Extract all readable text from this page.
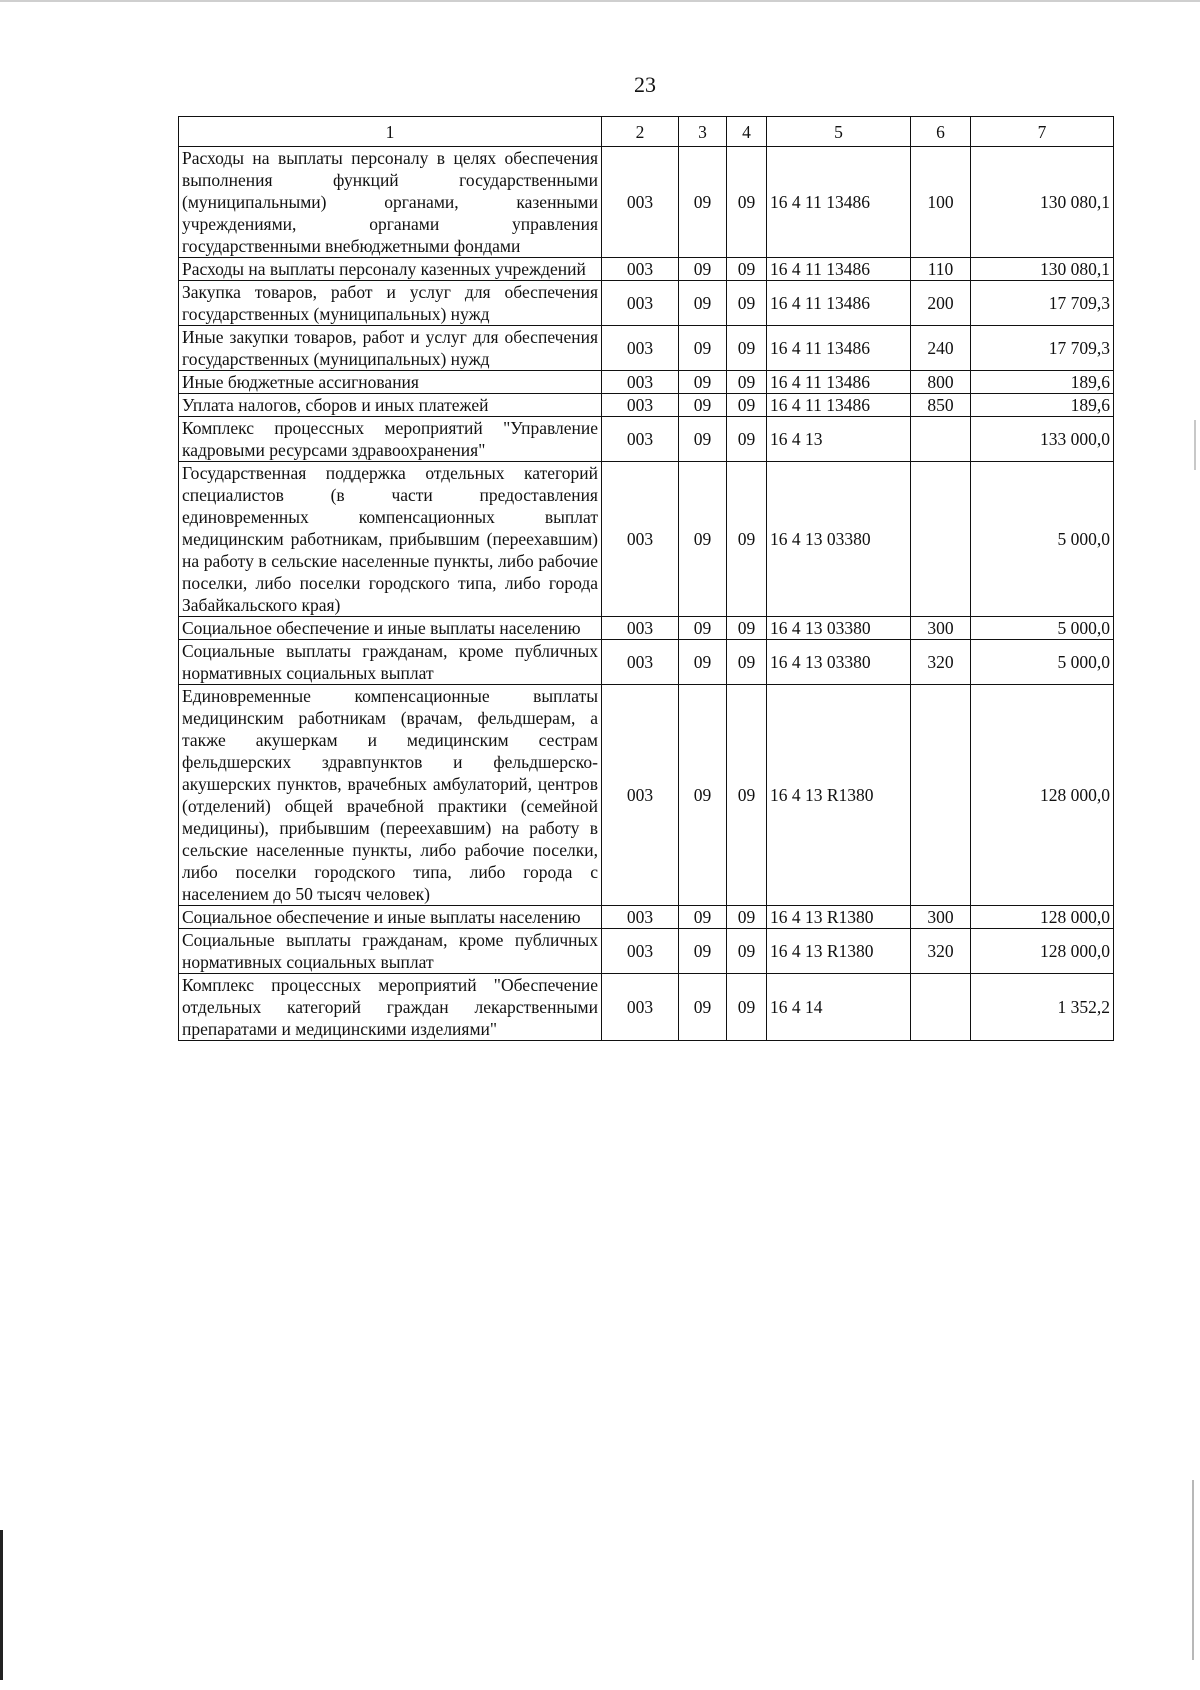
23
1	2	3	4	5	6	7
Расходы на выплаты персоналу в целях обеспечения выполнения функций государственными (муниципальными) органами, казенными учреждениями, органами управления государственными внебюджетными фондами	003	09	09	16 4 11 13486	100	130 080,1
Расходы на выплаты персоналу казенных учреждений	003	09	09	16 4 11 13486	110	130 080,1
Закупка товаров, работ и услуг для обеспечения государственных (муниципальных) нужд	003	09	09	16 4 11 13486	200	17 709,3
Иные закупки товаров, работ и услуг для обеспечения государственных (муниципальных) нужд	003	09	09	16 4 11 13486	240	17 709,3
Иные бюджетные ассигнования	003	09	09	16 4 11 13486	800	189,6
Уплата налогов, сборов и иных платежей	003	09	09	16 4 11 13486	850	189,6
Комплекс процессных мероприятий "Управление кадровыми ресурсами здравоохранения"	003	09	09	16 4 13		133 000,0
Государственная поддержка отдельных категорий специалистов (в части предоставления единовременных компенсационных выплат медицинским работникам, прибывшим (переехавшим) на работу в сельские населенные пункты, либо рабочие поселки, либо поселки городского типа, либо города Забайкальского края)	003	09	09	16 4 13 03380		5 000,0
Социальное обеспечение и иные выплаты населению	003	09	09	16 4 13 03380	300	5 000,0
Социальные выплаты гражданам, кроме публичных нормативных социальных выплат	003	09	09	16 4 13 03380	320	5 000,0
Единовременные компенсационные выплаты медицинским работникам (врачам, фельдшерам, а также акушеркам и медицинским сестрам фельдшерских здравпунктов и фельдшерско-акушерских пунктов, врачебных амбулаторий, центров (отделений) общей врачебной практики (семейной медицины), прибывшим (переехавшим) на работу в сельские населенные пункты, либо рабочие поселки, либо поселки городского типа, либо города с населением до 50 тысяч человек)	003	09	09	16 4 13 R1380		128 000,0
Социальное обеспечение и иные выплаты населению	003	09	09	16 4 13 R1380	300	128 000,0
Социальные выплаты гражданам, кроме публичных нормативных социальных выплат	003	09	09	16 4 13 R1380	320	128 000,0
Комплекс процессных мероприятий "Обеспечение отдельных категорий граждан лекарственными препаратами и медицинскими изделиями"	003	09	09	16 4 14		1 352,2
